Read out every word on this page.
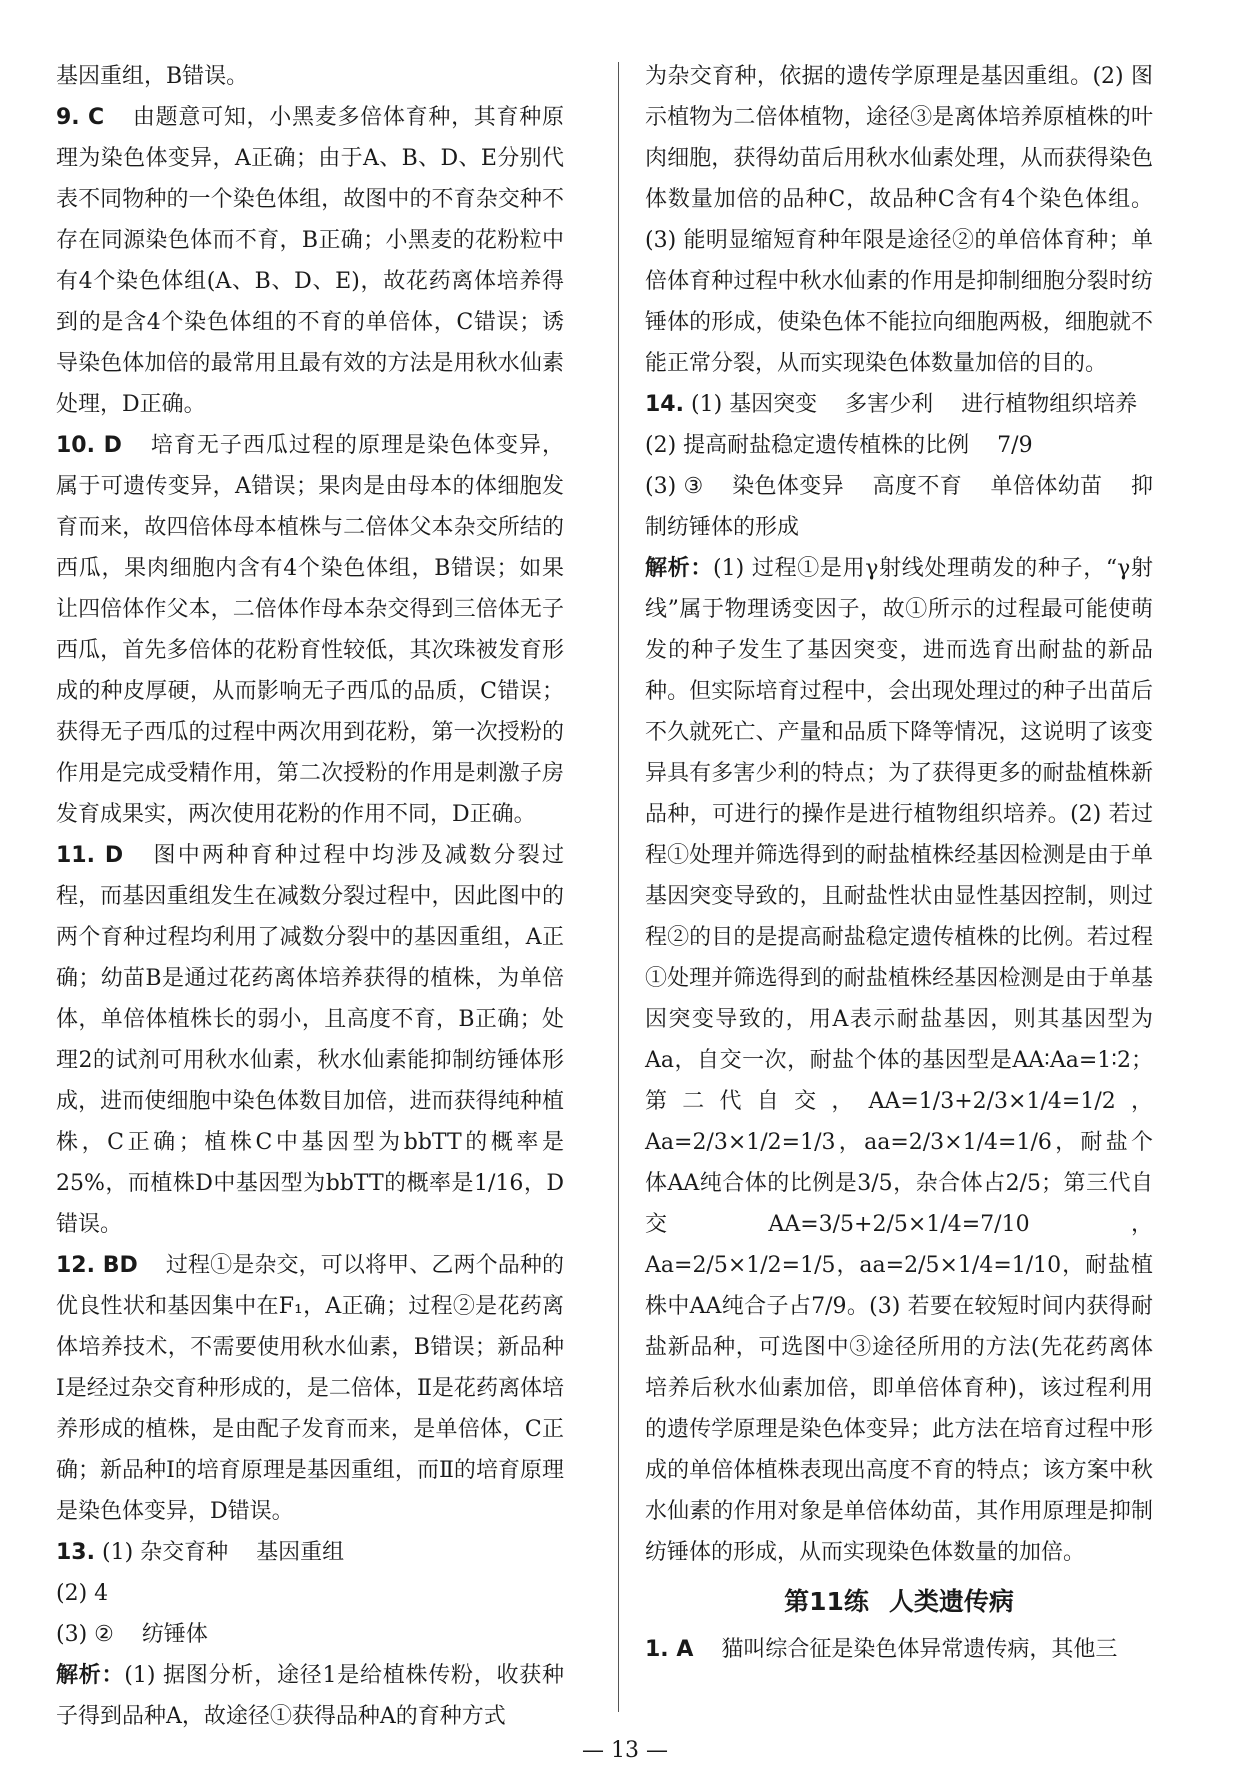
基因重组，B错误。

9. C 由题意可知，小黑麦多倍体育种，其育种原理为染色体变异，A正确；由于A、B、D、E分别代表不同物种的一个染色体组，故图中的不育杂交种不存在同源染色体而不育，B正确；小黑麦的花粉粒中有4个染色体组(A、B、D、E)，故花药离体培养得到的是含4个染色体组的不育的单倍体，C错误；诱导染色体加倍的最常用且最有效的方法是用秋水仙素处理，D正确。

10. D 培育无子西瓜过程的原理是染色体变异，属于可遗传变异，A错误；果肉是由母本的体细胞发育而来，故四倍体母本植株与二倍体父本杂交所结的西瓜，果肉细胞内含有4个染色体组，B错误；如果让四倍体作父本，二倍体作母本杂交得到三倍体无子西瓜，首先多倍体的花粉育性较低，其次珠被发育形成的种皮厚硬，从而影响无子西瓜的品质，C错误；获得无子西瓜的过程中两次用到花粉，第一次授粉的作用是完成受精作用，第二次授粉的作用是刺激子房发育成果实，两次使用花粉的作用不同，D正确。

11. D 图中两种育种过程中均涉及减数分裂过程，而基因重组发生在减数分裂过程中，因此图中的两个育种过程均利用了减数分裂中的基因重组，A正确；幼苗B是通过花药离体培养获得的植株，为单倍体，单倍体植株长的弱小，且高度不育，B正确；处理2的试剂可用秋水仙素，秋水仙素能抑制纺锤体形成，进而使细胞中染色体数目加倍，进而获得纯种植株，C正确；植株C中基因型为bbTT的概率是25%，而植株D中基因型为bbTT的概率是1/16，D错误。

12. BD 过程①是杂交，可以将甲、乙两个品种的优良性状和基因集中在F₁，A正确；过程②是花药离体培养技术，不需要使用秋水仙素，B错误；新品种Ⅰ是经过杂交育种形成的，是二倍体，Ⅱ是花药离体培养形成的植株，是由配子发育而来，是单倍体，C正确；新品种Ⅰ的培育原理是基因重组，而Ⅱ的培育原理是染色体变异，D错误。

13. (1) 杂交育种 基因重组

(2) 4

(3) ② 纺锤体

解析：(1) 据图分析，途径1是给植株传粉，收获种子得到品种A，故途径①获得品种A的育种方式

为杂交育种，依据的遗传学原理是基因重组。(2) 图示植物为二倍体植物，途径③是离体培养原植株的叶肉细胞，获得幼苗后用秋水仙素处理，从而获得染色体数量加倍的品种C，故品种C含有4个染色体组。(3) 能明显缩短育种年限是途径②的单倍体育种；单倍体育种过程中秋水仙素的作用是抑制细胞分裂时纺锤体的形成，使染色体不能拉向细胞两极，细胞就不能正常分裂，从而实现染色体数量加倍的目的。

14. (1) 基因突变 多害少利 进行植物组织培养

(2) 提高耐盐稳定遗传植株的比例 7/9

(3) ③ 染色体变异 高度不育 单倍体幼苗 抑制纺锤体的形成

解析：(1) 过程①是用γ射线处理萌发的种子，“γ射线”属于物理诱变因子，故①所示的过程最可能使萌发的种子发生了基因突变，进而选育出耐盐的新品种。但实际培育过程中，会出现处理过的种子出苗后不久就死亡、产量和品质下降等情况，这说明了该变异具有多害少利的特点；为了获得更多的耐盐植株新品种，可进行的操作是进行植物组织培养。(2) 若过程①处理并筛选得到的耐盐植株经基因检测是由于单基因突变导致的，且耐盐性状由显性基因控制，则过程②的目的是提高耐盐稳定遗传植株的比例。若过程①处理并筛选得到的耐盐植株经基因检测是由于单基因突变导致的，用A表示耐盐基因，则其基因型为Aa，自交一次，耐盐个体的基因型是AA∶Aa=1∶2；第二代自交，AA=1/3+2/3×1/4=1/2，Aa=2/3×1/2=1/3，aa=2/3×1/4=1/6，耐盐个体AA纯合体的比例是3/5，杂合体占2/5；第三代自交AA=3/5+2/5×1/4=7/10，Aa=2/5×1/2=1/5，aa=2/5×1/4=1/10，耐盐植株中AA纯合子占7/9。(3) 若要在较短时间内获得耐盐新品种，可选图中③途径所用的方法(先花药离体培养后秋水仙素加倍，即单倍体育种)，该过程利用的遗传学原理是染色体变异；此方法在培育过程中形成的单倍体植株表现出高度不育的特点；该方案中秋水仙素的作用对象是单倍体幼苗，其作用原理是抑制纺锤体的形成，从而实现染色体数量的加倍。

第11练 人类遗传病

1. A 猫叫综合征是染色体异常遗传病，其他三

— 13 —
